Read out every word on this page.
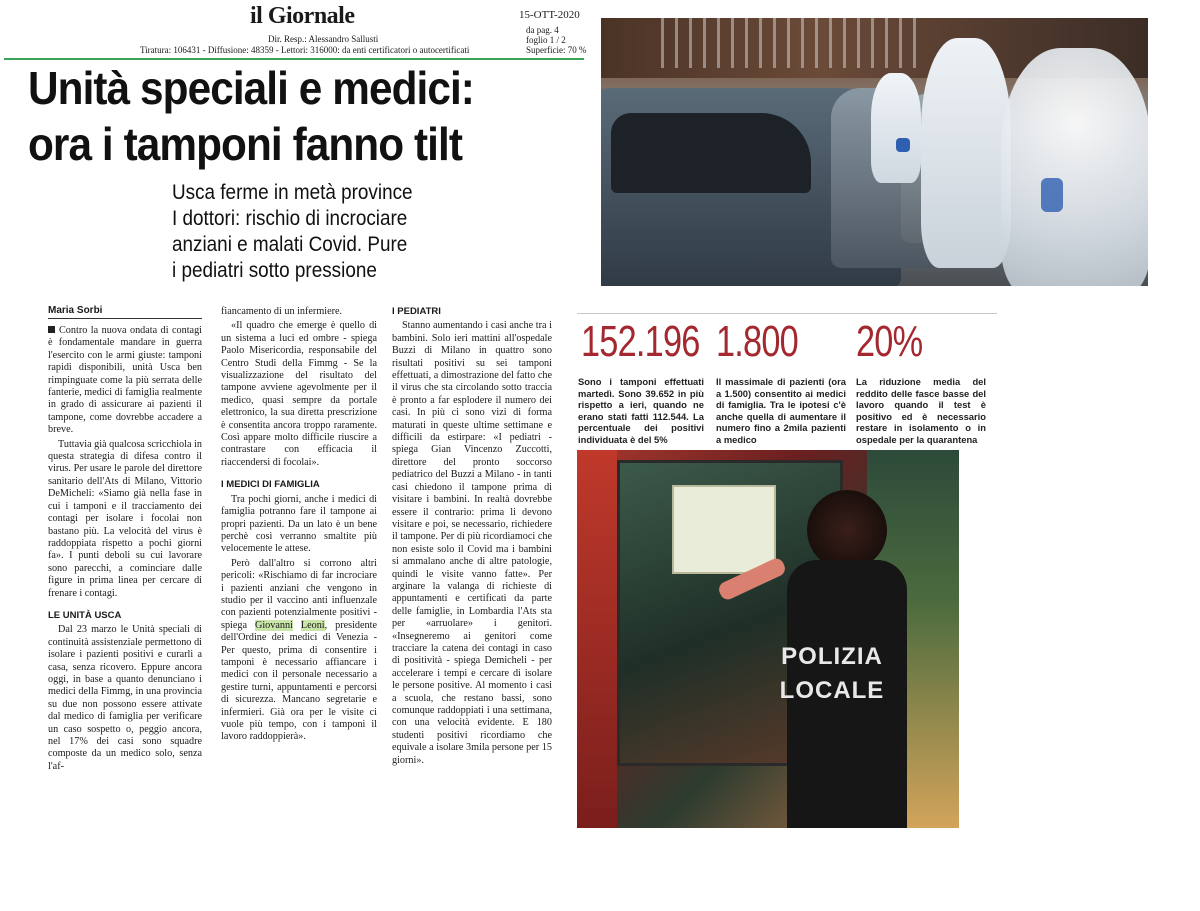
il Giornale	15-OTT-2020
da pag. 4
foglio 1 / 2
Superficie: 70 %
Dir. Resp.: Alessandro Sallusti
Tiratura: 106431 - Diffusione: 48359 - Lettori: 316000: da enti certificatori o autocertificati
Unità speciali e medici:
ora i tamponi fanno tilt
Usca ferme in metà province
I dottori: rischio di incrociare
anziani e malati Covid. Pure
i pediatri sotto pressione
Maria Sorbi

Contro la nuova ondata di contagi è fondamentale mandare in guerra l'esercito con le armi giuste: tamponi rapidi disponibili, unità Usca ben rimpinguate come la più serrata delle fanterie, medici di famiglia realmente in grado di assicurare ai pazienti il tampone, come dovrebbe accadere a breve.

Tuttavia già qualcosa scricchiola in questa strategia di difesa contro il virus. Per usare le parole del direttore sanitario dell'Ats di Milano, Vittorio DeMicheli: «Siamo già nella fase in cui i tamponi e il tracciamento dei contagi per isolare i focolai non bastano più. La velocità del virus è raddoppiata rispetto a pochi giorni fa». I punti deboli su cui lavorare sono parecchi, a cominciare dalle figure in prima linea per cercare di frenare i contagi.

LE UNITÀ USCA

Dal 23 marzo le Unità speciali di continuità assistenziale permettono di isolare i pazienti positivi e curarli a casa, senza ricovero. Eppure ancora oggi, in base a quanto denunciano i medici della Fimmg, in una provincia su due non possono essere attivate dal medico di famiglia per verificare un caso sospetto o, peggio ancora, nel 17% dei casi sono squadre composte da un medico solo, senza l'af-

fiancamento di un infermiere.

«Il quadro che emerge è quello di un sistema a luci ed ombre - spiega Paolo Misericordia, responsabile del Centro Studi della Fimmg - Se la visualizzazione del risultato del tampone avviene agevolmente per il medico, quasi sempre da portale elettronico, la sua diretta prescrizione è consentita ancora troppo raramente. Così appare molto difficile riuscire a contrastare con efficacia il riaccendersi di focolai».

I MEDICI DI FAMIGLIA

Tra pochi giorni, anche i medici di famiglia potranno fare il tampone ai propri pazienti. Da un lato è un bene perchè così verranno smaltite più velocemente le attese.

Però dall'altro si corrono altri pericoli: «Rischiamo di far incrociare i pazienti anziani che vengono in studio per il vaccino anti influenzale con pazienti potenzialmente positivi - spiega Giovanni Leoni, presidente dell'Ordine dei medici di Venezia - Per questo, prima di consentire i tamponi è necessario affiancare i medici con il personale necessario a gestire turni, appuntamenti e percorsi di sicurezza. Mancano segretarie e infermieri. Già ora per le visite ci vuole più tempo, con i tamponi il lavoro raddoppierà».

I PEDIATRI

Stanno aumentando i casi anche tra i bambini. Solo ieri mattini all'ospedale Buzzi di Milano in quattro sono risultati positivi su sei tamponi effettuati, a dimostrazione del fatto che il virus che sta circolando sotto traccia è pronto a far esplodere il numero dei casi. In più ci sono vizi di forma maturati in queste ultime settimane e difficili da estirpare: «I pediatri - spiega Gian Vincenzo Zuccotti, direttore del pronto soccorso pediatrico del Buzzi a Milano - in tanti casi chiedono il tampone prima di visitare i bambini. In realtà dovrebbe essere il contrario: prima li devono visitare e poi, se necessario, richiedere il tampone. Per di più ricordiamoci che non esiste solo il Covid ma i bambini si ammalano anche di altre patologie, quindi le visite vanno fatte». Per arginare la valanga di richieste di appuntamenti e certificati da parte delle famiglie, in Lombardia l'Ats sta per «arruolare» i genitori. «Insegneremo ai genitori come tracciare la catena dei contagi in caso di positività - spiega Demicheli - per accelerare i tempi e cercare di isolare le persone positive. Al momento i casi a scuola, che restano bassi, sono comunque raddoppiati i una settimana, con una velocità evidente. E 180 studenti positivi ricordiamo che equivale a isolare 3mila persone per 15 giorni».

152.196 1.800 20%
Sono i tamponi effettuati martedì. Sono 39.652 in più rispetto a ieri, quando ne erano stati fatti 112.544. La percentuale dei positivi individuata è del 5%
Il massimale di pazienti (ora a 1.500) consentito ai medici di famiglia. Tra le ipotesi c'è anche quella di aumentare il numero fino a 2mila pazienti a medico
La riduzione media del reddito delle fasce basse del lavoro quando il test è positivo ed è necessario restare in isolamento o in ospedale per la quarantena
POLIZIA
LOCALE
